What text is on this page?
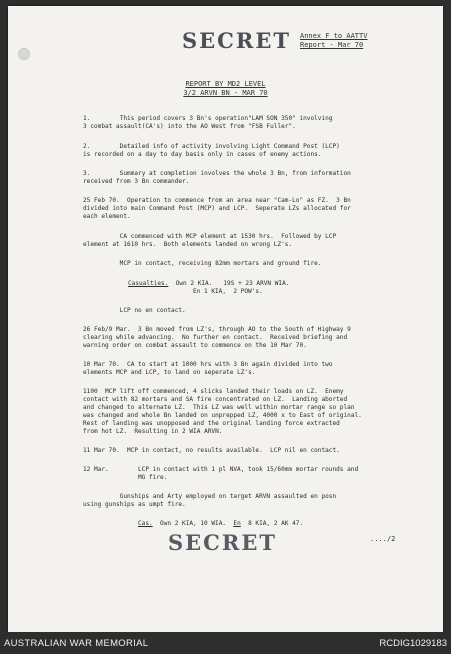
SECRET Annex F to AATTV
Report - Mar 70
REPORT BY MD2 LEVEL
3/2 ARVN BN - MAR 70
1.        This period covers 3 Bn's operation"LAM SON 350" involving
3 combat assault(CA's) into the AO West from "FSB Fuller".
2.        Detailed info of activity involving Light Command Post (LCP)
is recorded on a day to day basis only in cases of enemy actions.
3.        Summary at completion involves the whole 3 Bn, from information
received from 3 Bn commander.
25 Feb 70.  Operation to commence from an area near "Cam-Lo" as FZ.  3 Bn
divided into main Command Post (MCP) and LCP.  Seperate LZs allocated for
each element.
CA commenced with MCP element at 1530 hrs.  Followed by LCP
element at 1610 hrs.  Both elements landed on wrong LZ's.
MCP in contact, receiving 82mm mortars and ground fire.
Casualties.  Own 2 KIA.   19S + 23 ARVN WIA.
En 1 KIA,  2 POW's.
LCP no en contact.
26 Feb/9 Mar.  3 Bn moved from LZ's, through AO to the South of Highway 9
clearing while advancing.  No further en contact.  Received briefing and
warning order on combat assault to commence on the 10 Mar 70.
10 Mar 70.  CA to start at 1000 hrs with 3 Bn again divided into two
elements MCP and LCP, to land on seperate LZ's.
1100  MCP lift off commenced, 4 slicks landed their loads on LZ.  Enemy
contact with 82 mortars and SA fire concentrated on LZ.  Landing aborted
and changed to alternate LZ.  This LZ was well within mortar range so plan
was changed and whole Bn landed on unprepped LZ, 4000 x to East of original.
Rest of landing was unopposed and the original landing force extracted
from hot LZ.  Resulting in 2 WIA ARVN.
11 Mar 70.  MCP in contact, no results available.  LCP nil en contact.
12 Mar.	LCP in contact with 1 pl NVA, took 15/60mm mortar rounds and
MG fire.
Gunships and Arty employed on target ARVN assaulted en posn
using gunships as umpt fire.
Cas.  Own 2 KIA, 10 WIA.  En  8 KIA, 2 AK 47.
SECRET	..../2
AUSTRALIAN WAR MEMORIAL	RCDIG1029183
